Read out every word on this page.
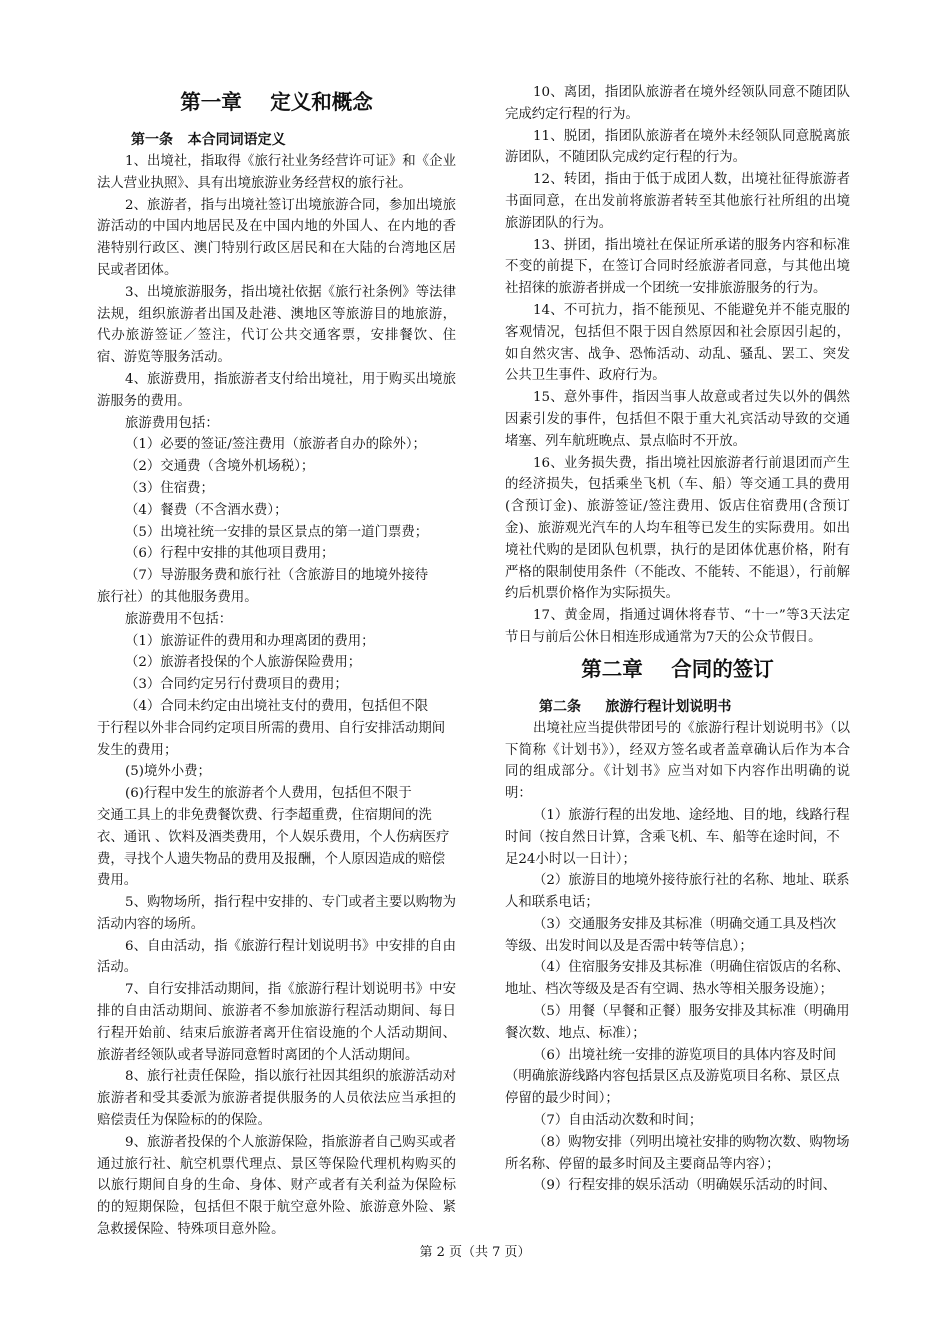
第一章    定义和概念
第一条   本合同词语定义
1、出境社，指取得《旅行社业务经营许可证》和《企业法人营业执照》、具有出境旅游业务经营权的旅行社。
2、旅游者，指与出境社签订出境旅游合同，参加出境旅游活动的中国内地居民及在中国内地的外国人、在内地的香港特别行政区、澳门特别行政区居民和在大陆的台湾地区居民或者团体。
3、出境旅游服务，指出境社依据《旅行社条例》等法律法规，组织旅游者出国及赴港、澳地区等旅游目的地旅游，代办旅游签证／签注，代订公共交通客票，安排餐饮、住宿、游览等服务活动。
4、旅游费用，指旅游者支付给出境社，用于购买出境旅游服务的费用。
旅游费用包括：
（1）必要的签证/签注费用（旅游者自办的除外）；
（2）交通费（含境外机场税）；
（3）住宿费；
（4）餐费（不含酒水费）；
（5）出境社统一安排的景区景点的第一道门票费；
（6）行程中安排的其他项目费用；
（7）导游服务费和旅行社（含旅游目的地境外接待
旅行社）的其他服务费用。
旅游费用不包括：
（1）旅游证件的费用和办理离团的费用；
（2）旅游者投保的个人旅游保险费用；
（3）合同约定另行付费项目的费用；
（4）合同未约定由出境社支付的费用，包括但不限
于行程以外非合同约定项目所需的费用、自行安排活动期间发生的费用；
(5)境外小费；
(6)行程中发生的旅游者个人费用，包括但不限于
交通工具上的非免费餐饮费、行李超重费，住宿期间的洗衣、通讯 、饮料及酒类费用，个人娱乐费用，个人伤病医疗费，寻找个人遗失物品的费用及报酬，个人原因造成的赔偿费用。
5、购物场所，指行程中安排的、专门或者主要以购物为活动内容的场所。
6、自由活动，指《旅游行程计划说明书》中安排的自由活动。
7、自行安排活动期间，指《旅游行程计划说明书》中安排的自由活动期间、旅游者不参加旅游行程活动期间、每日行程开始前、结束后旅游者离开住宿设施的个人活动期间、旅游者经领队或者导游同意暂时离团的个人活动期间。
8、旅行社责任保险，指以旅行社因其组织的旅游活动对旅游者和受其委派为旅游者提供服务的人员依法应当承担的赔偿责任为保险标的的保险。
9、旅游者投保的个人旅游保险，指旅游者自己购买或者通过旅行社、航空机票代理点、景区等保险代理机构购买的以旅行期间自身的生命、身体、财产或者有关利益为保险标的的短期保险，包括但不限于航空意外险、旅游意外险、紧急救援保险、特殊项目意外险。
10、离团，指团队旅游者在境外经领队同意不随团队完成约定行程的行为。
11、脱团，指团队旅游者在境外未经领队同意脱离旅游团队，不随团队完成约定行程的行为。
12、转团，指由于低于成团人数，出境社征得旅游者书面同意，在出发前将旅游者转至其他旅行社所组的出境旅游团队的行为。
13、拼团，指出境社在保证所承诺的服务内容和标准不变的前提下，在签订合同时经旅游者同意，与其他出境社招徕的旅游者拼成一个团统一安排旅游服务的行为。
14、不可抗力，指不能预见、不能避免并不能克服的客观情况，包括但不限于因自然原因和社会原因引起的，如自然灾害、战争、恐怖活动、动乱、骚乱、罢工、突发公共卫生事件、政府行为。
15、意外事件，指因当事人故意或者过失以外的偶然因素引发的事件，包括但不限于重大礼宾活动导致的交通堵塞、列车航班晚点、景点临时不开放。
16、业务损失费，指出境社因旅游者行前退团而产生的经济损失，包括乘坐飞机（车、船）等交通工具的费用(含预订金)、旅游签证/签注费用、饭店住宿费用(含预订金)、旅游观光汽车的人均车租等已发生的实际费用。如出境社代购的是团队包机票，执行的是团体优惠价格，附有严格的限制使用条件（不能改、不能转、不能退），行前解约后机票价格作为实际损失。
17、黄金周，指通过调休将春节、“十一”等3天法定节日与前后公休日相连形成通常为7天的公众节假日。
第二章    合同的签订
第二条     旅游行程计划说明书
出境社应当提供带团号的《旅游行程计划说明书》（以下简称《计划书》），经双方签名或者盖章确认后作为本合同的组成部分。《计划书》应当对如下内容作出明确的说明：
（1）旅游行程的出发地、途经地、目的地，线路行程
时间（按自然日计算，含乘飞机、车、船等在途时间，不足24小时以一日计）；
（2）旅游目的地境外接待旅行社的名称、地址、联系
人和联系电话；
（3）交通服务安排及其标准（明确交通工具及档次
等级、出发时间以及是否需中转等信息）；
（4）住宿服务安排及其标准（明确住宿饭店的名称、
地址、档次等级及是否有空调、热水等相关服务设施）；
（5）用餐（早餐和正餐）服务安排及其标准（明确用
餐次数、地点、标准）；
（6）出境社统一安排的游览项目的具体内容及时间
（明确旅游线路内容包括景区点及游览项目名称、景区点停留的最少时间）；
（7）自由活动次数和时间；
（8）购物安排（列明出境社安排的购物次数、购物场
所名称、停留的最多时间及主要商品等内容）；
（9）行程安排的娱乐活动（明确娱乐活动的时间、
第 2 页（共 7 页）
